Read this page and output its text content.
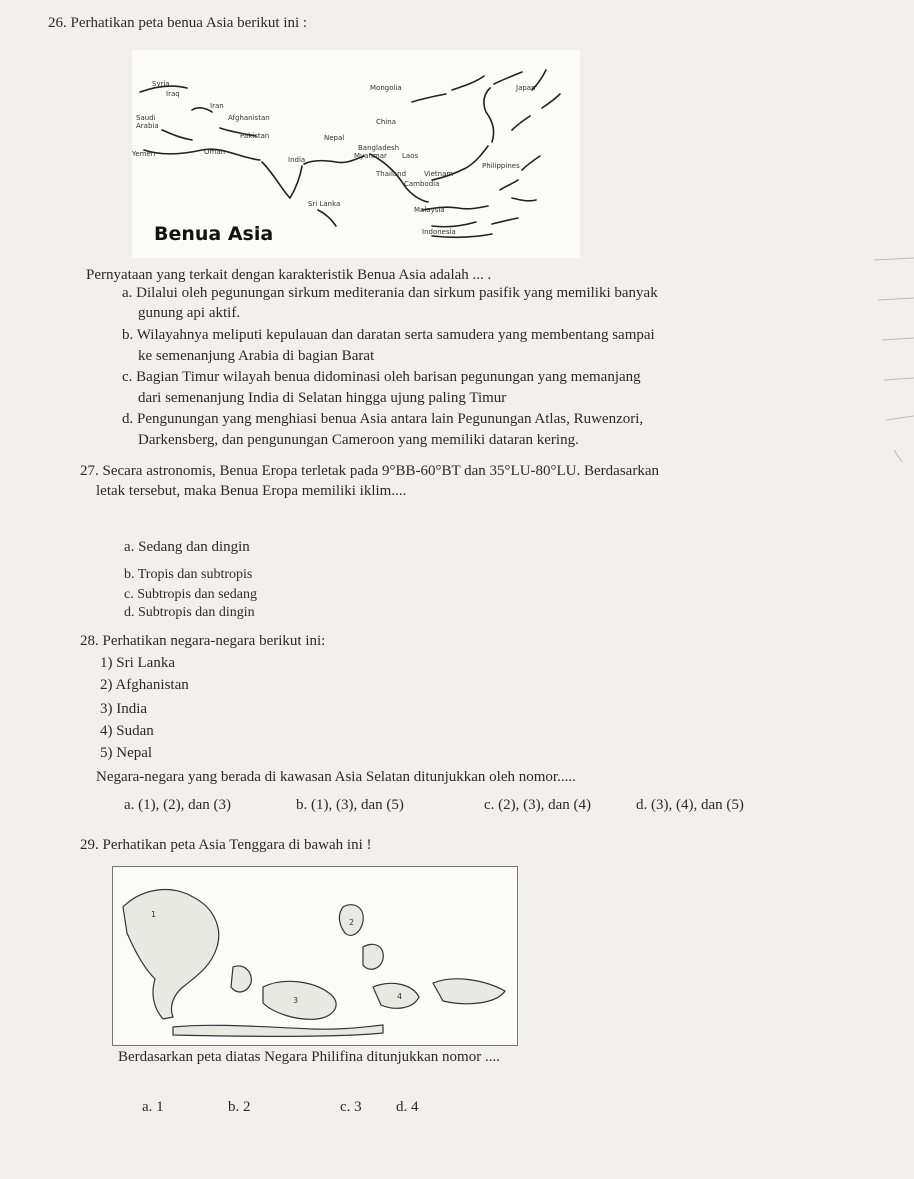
26. Perhatikan peta benua Asia berikut ini :
Syria
Iraq
Iran
Saudi
Arabia
Afghanistan
Pakistan
Oman
Yemen
India
Nepal
Bangladesh
Myanmar Laos
Thailand	Vietnam
Cambodia
Sri Lanka
Malaysia
Indonesia
Philippines
China
Mongolia	Japan
Benua Asia
Pernyataan yang terkait dengan karakteristik Benua Asia adalah ... .
a. Dilalui oleh pegunungan sirkum mediterania dan sirkum pasifik yang memiliki banyak
gunung api aktif.
b. Wilayahnya meliputi kepulauan dan daratan serta samudera yang membentang sampai
ke semenanjung Arabia di bagian Barat
c. Bagian Timur wilayah benua didominasi oleh barisan pegunungan yang memanjang
dari semenanjung India di Selatan hingga ujung paling Timur
d. Pengunungan yang menghiasi benua Asia antara lain Pegunungan Atlas, Ruwenzori,
Darkensberg, dan pengunungan Cameroon yang memiliki dataran kering.
27. Secara astronomis, Benua Eropa terletak pada 9°BB-60°BT dan 35°LU-80°LU. Berdasarkan
letak tersebut, maka Benua Eropa memiliki iklim....
a. Sedang dan dingin
b. Tropis dan subtropis
c. Subtropis dan sedang
d. Subtropis dan dingin
28. Perhatikan negara-negara berikut ini:
1) Sri Lanka
2) Afghanistan
3) India
4) Sudan
5) Nepal
Negara-negara yang berada di kawasan Asia Selatan ditunjukkan oleh nomor.....
a. (1), (2), dan (3)	b. (1), (3), dan (5)	c. (2), (3), dan (4)	d. (3), (4), dan (5)
29. Perhatikan peta Asia Tenggara di bawah ini !
1
2
3	4
Berdasarkan peta diatas Negara Philifina ditunjukkan nomor ....
a. 1	b. 2	c. 3 d. 4
